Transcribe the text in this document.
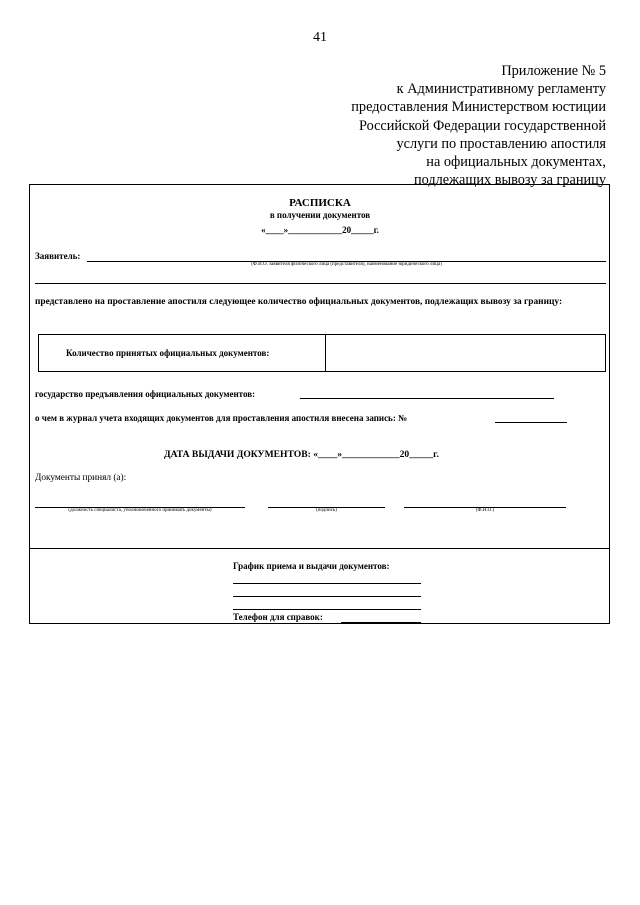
41
Приложение № 5
к Административному регламенту
предоставления Министерством юстиции
Российской Федерации государственной
услуги по проставлению апостиля
на официальных документах,
подлежащих вывозу за границу
РАСПИСКА
в получении документов
«____»____________20_____г.
Заявитель:
(Ф.И.О. заявителя физического лица (представителя), наименование юридического лица)
представлено на проставление апостиля следующее количество официальных документов, подлежащих вывозу за границу:
Количество принятых официальных документов:
государство предъявления официальных документов:
о чем в журнал учета входящих документов для проставления апостиля внесена запись: №
ДАТА ВЫДАЧИ ДОКУМЕНТОВ: «____»____________20_____г.
Документы принял (а):
(должность специалиста, уполномоченного принимать документы)	(подпись)	(Ф.И.О.)
График приема и выдачи документов:
Телефон для справок:
